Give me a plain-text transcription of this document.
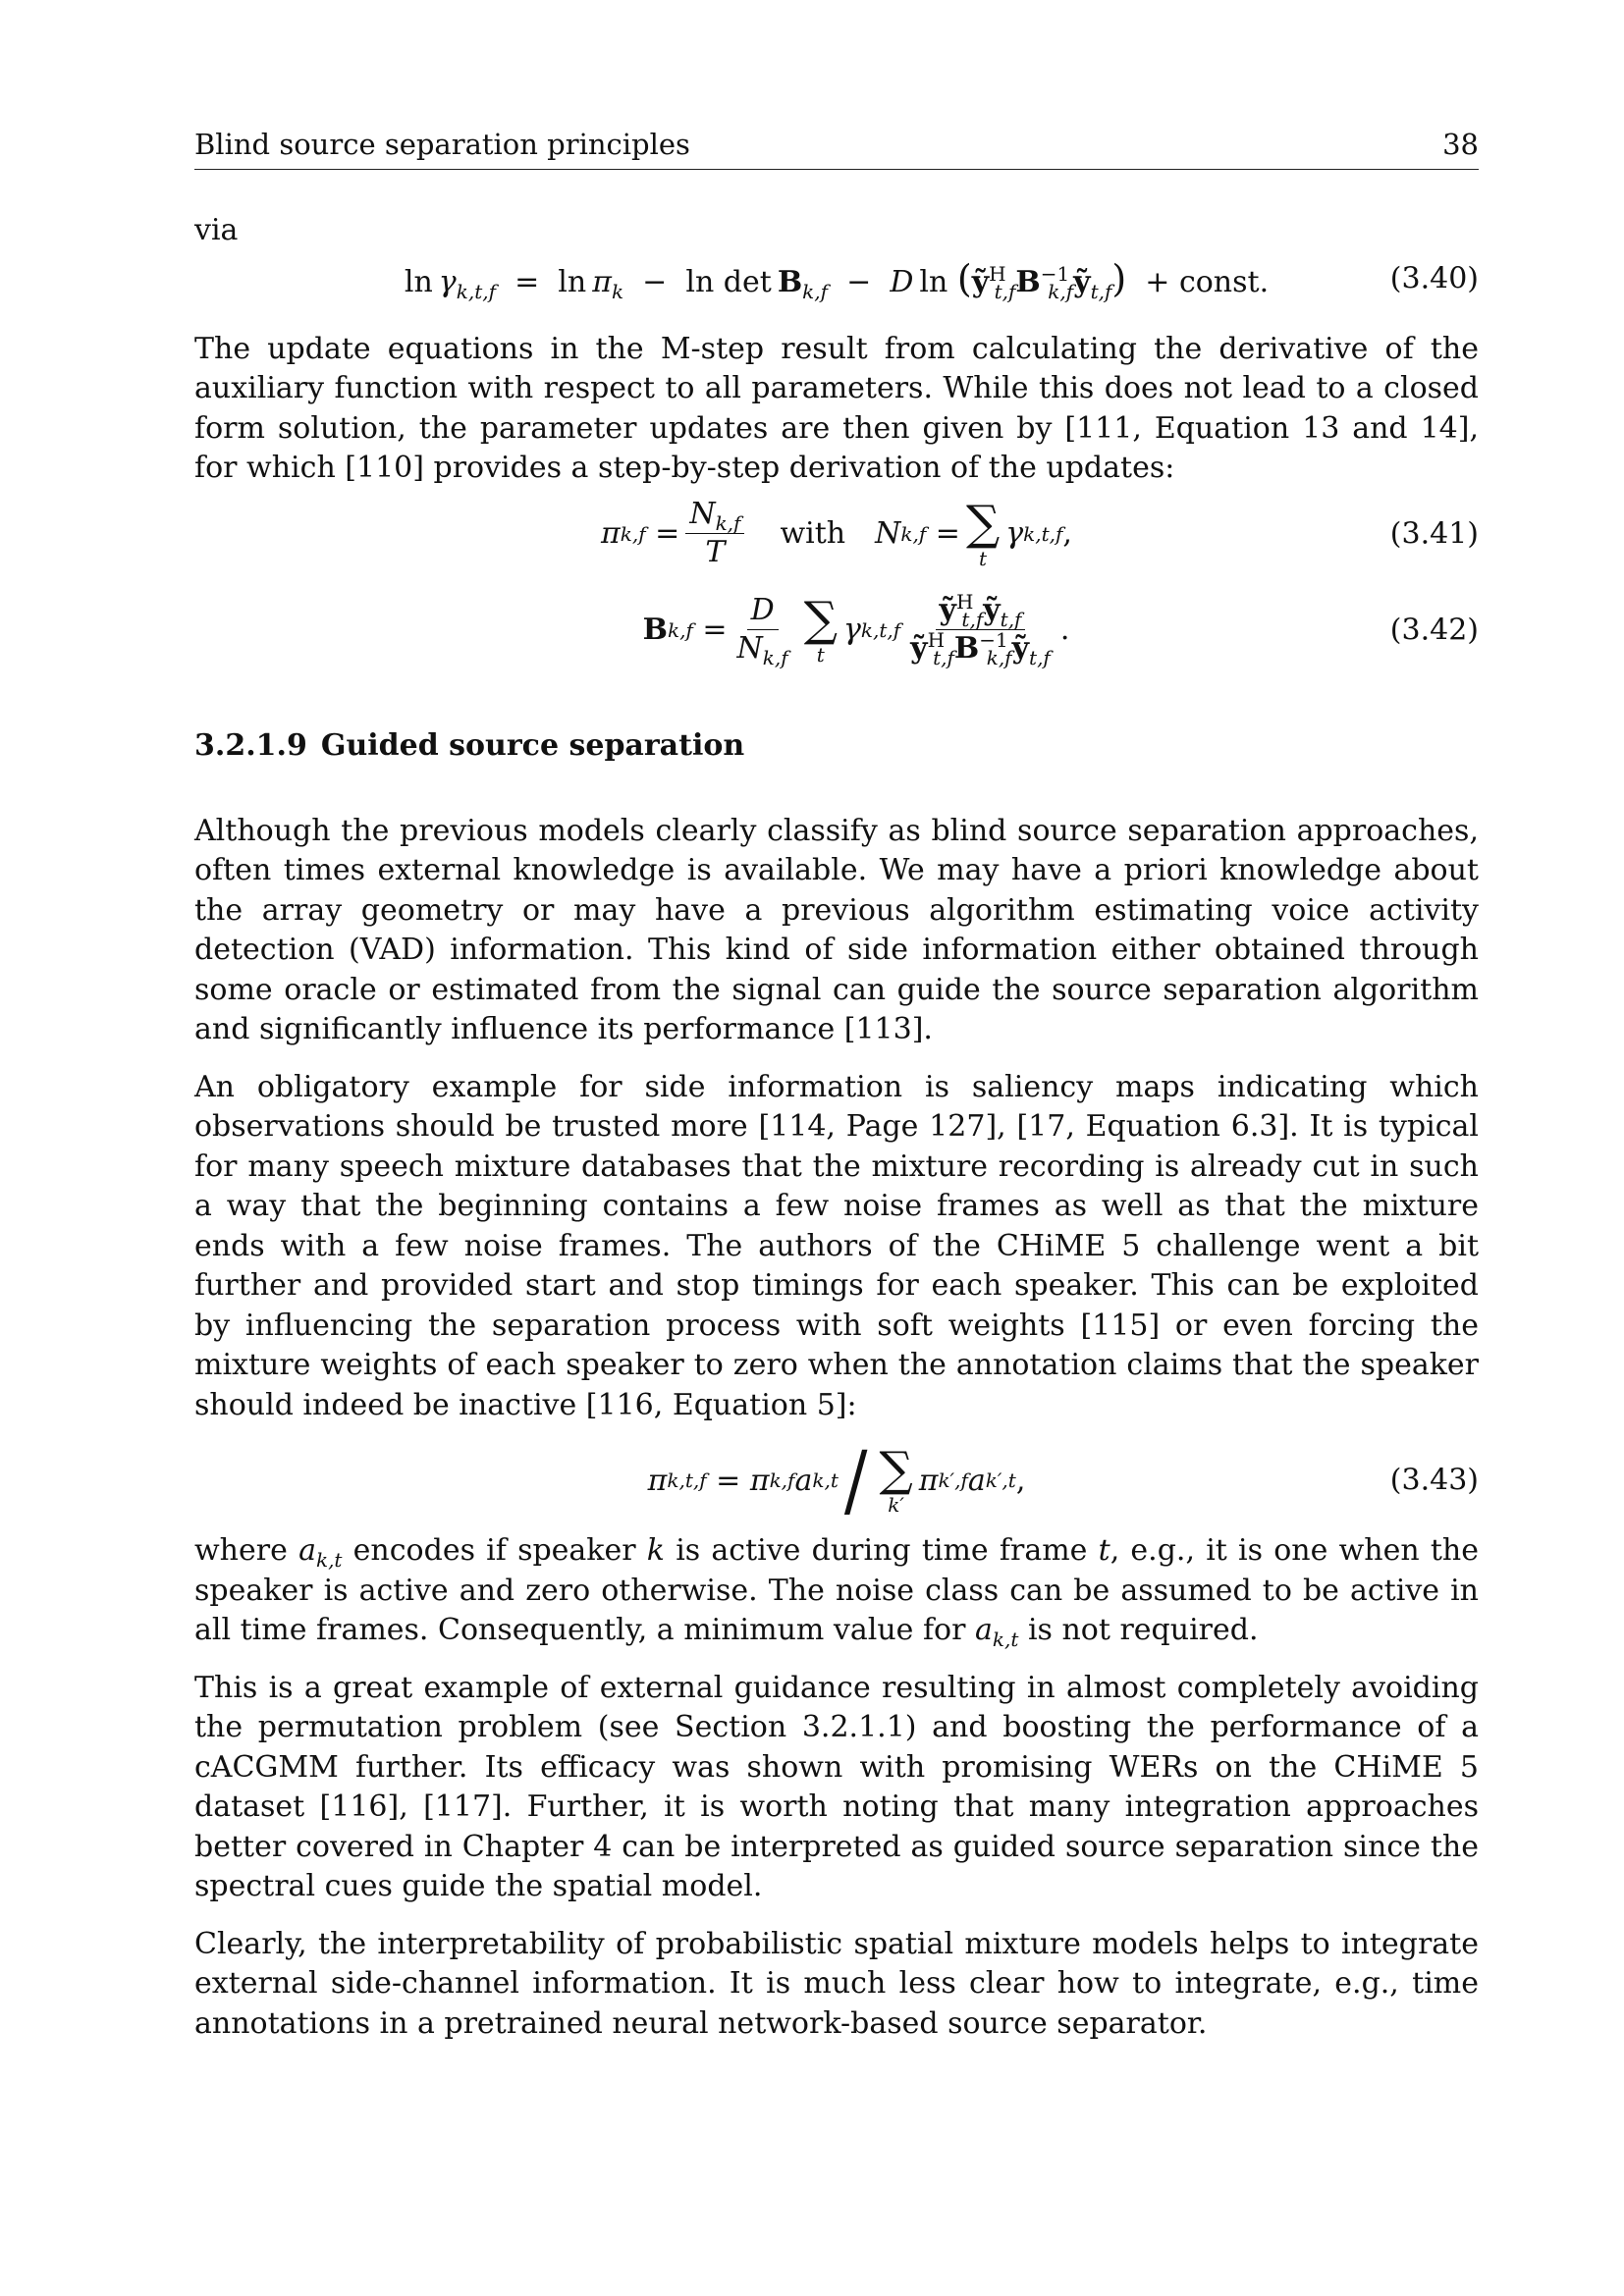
Blind source separation principles	38

via

$\ln \gamma_{k,t,f} = \ln \pi_k - \ln \det B_{k,f} - D$  $\ln (ỹ^H_{t,f}B^{-1}_{k,f}ỹ_{t,f})$ + const.	(3.40)

The update equations in the M-step result from calculating the derivative of the auxiliary function with respect to all parameters. While this does not lead to a closed form solution, the parameter updates are then given by [111, Equation 13 and 14], for which [110] provides a step-by-step derivation of the updates:

π $k,f = \frac{N_{k,f}}{T}$
  with
  N k,f = ∑
t
γ k,t,f ,	(3.41)
B $k,f = \frac{D}{N_{k,f}}$ ∑
t
γ $k,t,f \frac{ỹ^H_{t,f}ỹ_{t,f}}{ỹ^H_{t,f}B^{-1}_{k,f}ỹ_{t,f}}$ .	(3.42)
3.2.1.9 Guided source separation

Although the previous models clearly classify as blind source separation approaches, often times external knowledge is available. We may have a priori knowledge about the array geometry or may have a previous algorithm estimating voice activity detection (VAD) information. This kind of side information either obtained through some oracle or estimated from the signal can guide the source separation algorithm and significantly influence its performance [113].

An obligatory example for side information is saliency maps indicating which observations should be trusted more [114, Page 127], [17, Equation 6.3]. It is typical for many speech mixture databases that the mixture recording is already cut in such a way that the beginning contains a few noise frames as well as that the mixture ends with a few noise frames. The authors of the CHiME 5 challenge went a bit further and provided start and stop timings for each speaker. This can be exploited by influencing the separation process with soft weights [115] or even forcing the mixture weights of each speaker to zero when the annotation claims that the speaker should indeed be inactive [116, Equation 5]:

π k,t,f = π k,f a k,t / ∑
k′
π k′,f a k′,t ,	(3.43)

where $a_{k,t}$ encodes if speaker k is active during time frame t, e.g., it is one when the speaker is active and zero otherwise. The noise class can be assumed to be active in all time frames. Consequently, a minimum value for $a_{k,t}$ is not required.

This is a great example of external guidance resulting in almost completely avoiding the permutation problem (see Section 3.2.1.1) and boosting the performance of a cACGMM further. Its efficacy was shown with promising WERs on the CHiME 5 dataset [116], [117]. Further, it is worth noting that many integration approaches better covered in Chapter 4 can be interpreted as guided source separation since the spectral cues guide the spatial model.

Clearly, the interpretability of probabilistic spatial mixture models helps to integrate external side-channel information. It is much less clear how to integrate, e.g., time annotations in a pretrained neural network-based source separator.
